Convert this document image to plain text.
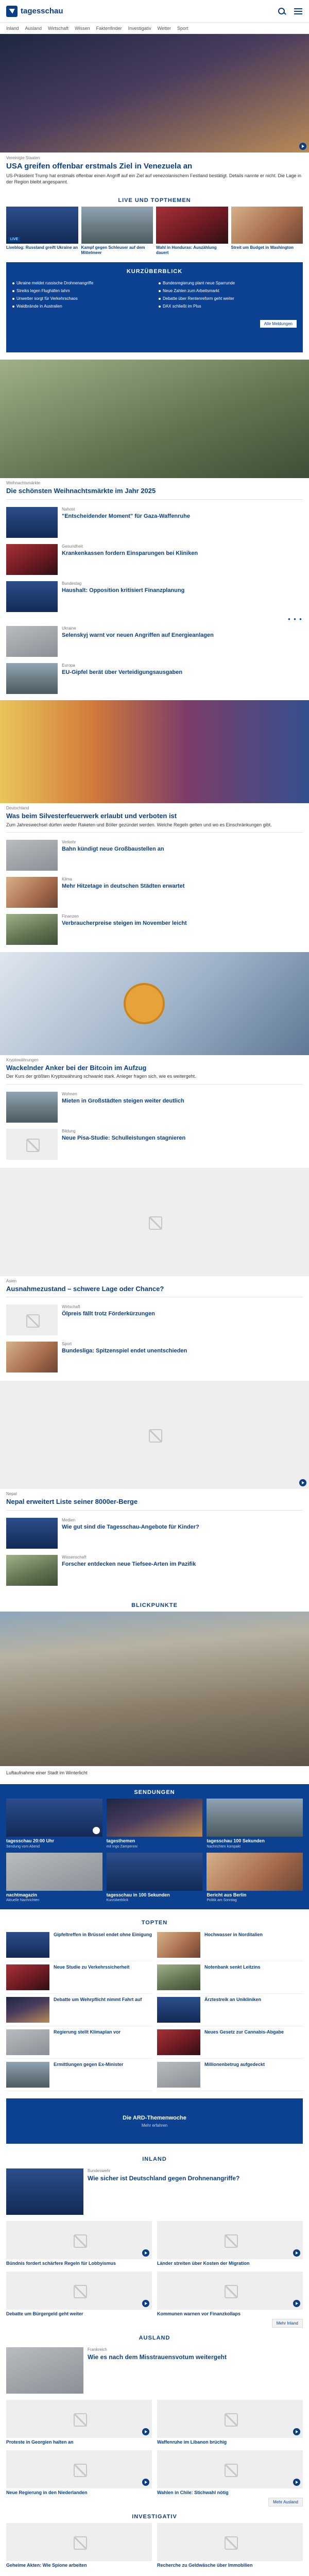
tagesschau
Inland Ausland Wirtschaft Wissen Faktenfinder Investigativ Wetter Sport
Vereinigte Staaten
USA greifen offenbar erstmals Ziel in Venezuela an
US-Präsident Trump hat erstmals offenbar einen Angriff auf ein Ziel auf venezolanischem Festland bestätigt. Details nannte er nicht. Die Lage in der Region bleibt angespannt.
LIVE UND TOPTHEMEN
LIVE
Liveblog: Russland greift Ukraine an Kampf gegen Schleuser auf dem Mittelmeer
Wahl in Honduras: Auszählung dauert
Streit um Budget in Washington
KURZÜBERBLICK
Ukraine meldet russische Drohnenangriffe	Bundesregierung plant neue Sparrunde
Streiks legen Flughäfen lahm	Neue Zahlen zum Arbeitsmarkt
Unwetter sorgt für Verkehrschaos	Debatte über Rentenreform geht weiter
Waldbrände in Australien	DAX schließt im Plus
Alle Meldungen
Weihnachtsmärkte
Die schönsten Weihnachtsmärkte im Jahr 2025
Nahost
"Entscheidender Moment" für Gaza-Waffenruhe
Gesundheit
Krankenkassen fordern Einsparungen bei Kliniken
Bundestag
Haushalt: Opposition kritisiert Finanzplanung
● ● ●
Ukraine
Selenskyj warnt vor neuen Angriffen auf Energieanlagen
Europa
EU-Gipfel berät über Verteidigungsausgaben
Deutschland
Was beim Silvesterfeuerwerk erlaubt und verboten ist
Zum Jahreswechsel dürfen wieder Raketen und Böller gezündet werden. Welche Regeln gelten und wo es Einschränkungen gibt.
Verkehr
Bahn kündigt neue Großbaustellen an
Klima
Mehr Hitzetage in deutschen Städten erwartet
Finanzen
Verbraucherpreise steigen im November leicht
Kryptowährungen
Wackelnder Anker bei der Bitcoin im Aufzug
Der Kurs der größten Kryptowährung schwankt stark. Anleger fragen sich, wie es weitergeht.
Wohnen
Mieten in Großstädten steigen weiter deutlich
Bildung
Neue Pisa-Studie: Schulleistungen stagnieren
Asien
Ausnahmezustand – schwere Lage oder Chance?
Wirtschaft
Ölpreis fällt trotz Förderkürzungen
Sport
Bundesliga: Spitzenspiel endet unentschieden
Nepal
Nepal erweitert Liste seiner 8000er-Berge
Medien
Wie gut sind die Tagesschau-Angebote für Kinder?
Wissenschaft
Forscher entdecken neue Tiefsee-Arten im Pazifik
BLICKPUNKTE
Luftaufnahme einer Stadt im Winterlicht
SENDUNGEN
tagesschau 20:00 Uhr
Sendung vom Abend
tagesthemen
mit Ingo Zamperoni
tagesschau 100 Sekunden
Nachrichten kompakt
nachtmagazin
Aktuelle Nachrichten
tagesschau in 100 Sekunden
Kurzüberblick
Bericht aus Berlin
Politik am Sonntag
TOPTEN
Gipfeltreffen in Brüssel endet ohne Einigung
Neue Studie zu Verkehrssicherheit
Debatte um Wehrpflicht nimmt Fahrt auf
Regierung stellt Klimaplan vor
Ermittlungen gegen Ex-Minister
Hochwasser in Norditalien
Notenbank senkt Leitzins
Ärztestreik an Unikliniken
Neues Gesetz zur Cannabis-Abgabe
Millionenbetrug aufgedeckt
Die ARD-Themenwoche
Mehr erfahren
INLAND
Bundeswehr
Wie sicher ist Deutschland gegen Drohnenangriffe?
Bündnis fordert schärfere Regeln für Lobbyismus	Länder streiten über Kosten der Migration
Debatte um Bürgergeld geht weiter	Kommunen warnen vor Finanzkollaps
Mehr Inland
AUSLAND
Frankreich
Wie es nach dem Misstrauensvotum weitergeht
Proteste in Georgien halten an	Waffenruhe im Libanon brüchig
Neue Regierung in den Niederlanden	Wahlen in Chile: Stichwahl nötig
Mehr Ausland
INVESTIGATIV
Geheime Akten: Wie Spione arbeiten	Recherche zu Geldwäsche über Immobilien
